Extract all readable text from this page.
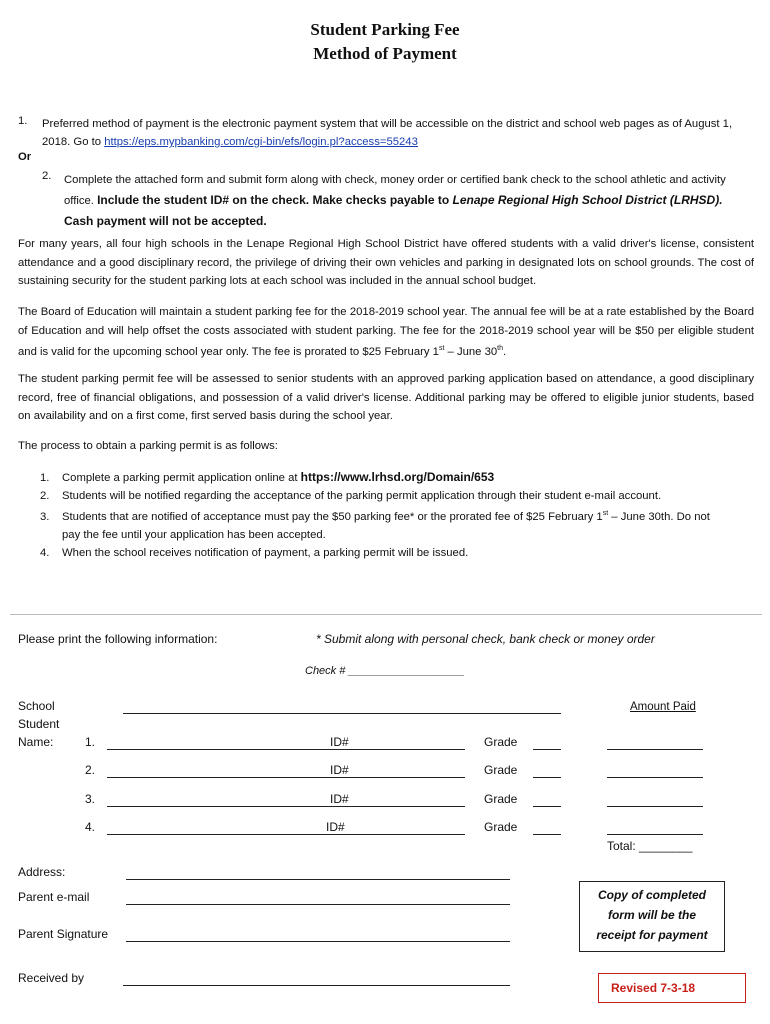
Student Parking Fee
Method of Payment
1. Preferred method of payment is the electronic payment system that will be accessible on the district and school web pages as of August 1,
2018. Go to https://eps.mypbanking.com/cgi-bin/efs/login.pl?access=55243
Or
2. Complete the attached form and submit form along with check, money order or certified bank check to the school athletic and activity
office. Include the student ID# on the check. Make checks payable to Lenape Regional High School District (LRHSD).
Cash payment will not be accepted.
For many years, all four high schools in the Lenape Regional High School District have offered students with a valid driver's license, consistent attendance and a good disciplinary record, the privilege of driving their own vehicles and parking in designated lots on school grounds. The cost of sustaining security for the student parking lots at each school was included in the annual school budget.
The Board of Education will maintain a student parking fee for the 2018-2019 school year. The annual fee will be at a rate established by the Board of Education and will help offset the costs associated with student parking. The fee for the 2018-2019 school year will be $50 per eligible student and is valid for the upcoming school year only. The fee is prorated to $25 February 1st – June 30th.
The student parking permit fee will be assessed to senior students with an approved parking application based on attendance, a good disciplinary record, free of financial obligations, and possession of a valid driver's license. Additional parking may be offered to eligible junior students, based on availability and on a first come, first served basis during the school year.
The process to obtain a parking permit is as follows:
1. Complete a parking permit application online at https://www.lrhsd.org/Domain/653
2. Students will be notified regarding the acceptance of the parking permit application through their student e-mail account.
3. Students that are notified of acceptance must pay the $50 parking fee* or the prorated fee of $25 February 1st – June 30th. Do not
pay the fee until your application has been accepted.
4. When the school receives notification of payment, a parking permit will be issued.
Please print the following information:	* Submit along with personal check, bank check or money order
Check # ___________________
School
Student
Name:
Amount Paid
1.	ID#	Grade
2.	ID#	Grade
3.	ID#	Grade
4.	ID#	Grade
Total: ________
Address:
Parent e-mail
Parent Signature
Received by
Copy of completed
form will be the
receipt for payment
Revised 7-3-18
